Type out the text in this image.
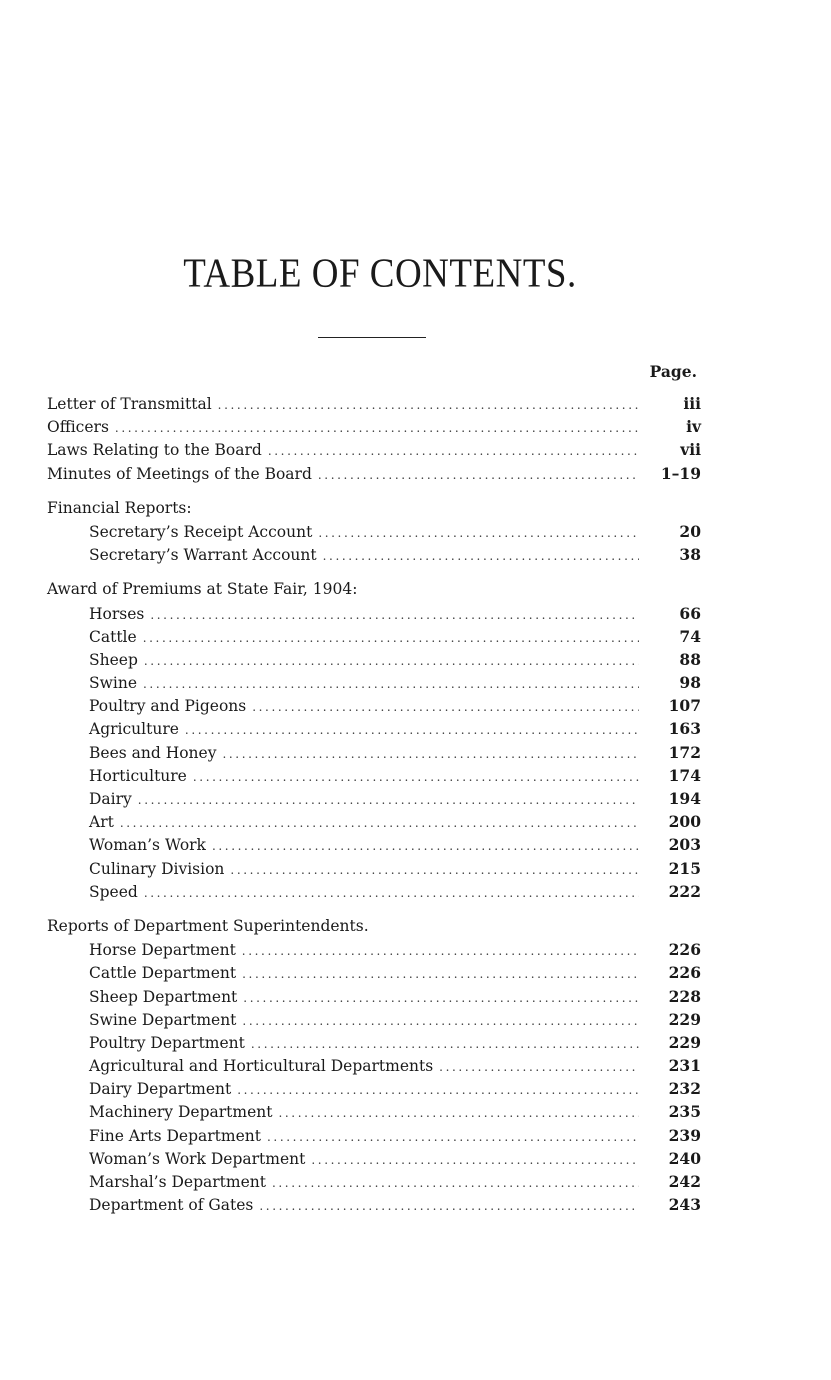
TABLE OF CONTENTS.
Page.
Letter of Transmittal .....	iii
Officers .....	iv
Laws Relating to the Board .....	vii
Minutes of Meetings of the Board .....	1–19
Financial Reports:
Secretary’s Receipt Account .....	20
Secretary’s Warrant Account .....	38
Award of Premiums at State Fair, 1904:
Horses .....	66
Cattle .....	74
Sheep .....	88
Swine .....	98
Poultry and Pigeons .....	107
Agriculture .....	163
Bees and Honey .....	172
Horticulture .....	174
Dairy .....	194
Art .....	200
Woman’s Work .....	203
Culinary Division .....	215
Speed .....	222
Reports of Department Superintendents.
Horse Department .....	226
Cattle Department .....	226
Sheep Department .....	228
Swine Department .....	229
Poultry Department .....	229
Agricultural and Horticultural Departments .....	231
Dairy Department .....	232
Machinery Department .....	235
Fine Arts Department .....	239
Woman’s Work Department .....	240
Marshal’s Department .....	242
Department of Gates .....	243
